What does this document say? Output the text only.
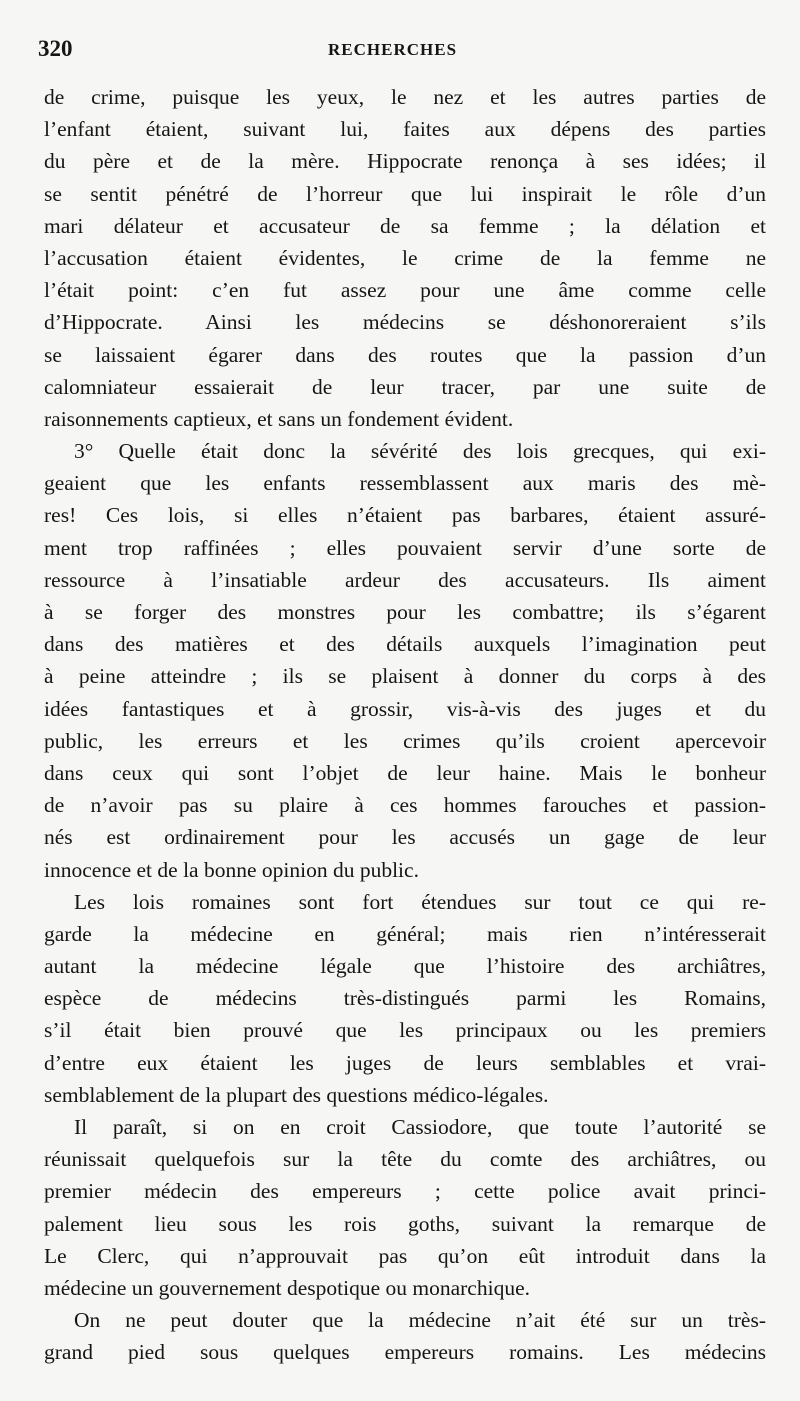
320	RECHERCHES
de crime, puisque les yeux, le nez et les autres parties de
l’enfant étaient, suivant lui, faites aux dépens des parties
du père et de la mère. Hippocrate renonça à ses idées; il
se sentit pénétré de l’horreur que lui inspirait le rôle d’un
mari délateur et accusateur de sa femme ; la délation et
l’accusation étaient évidentes, le crime de la femme ne
l’était point: c’en fut assez pour une âme comme celle
d’Hippocrate. Ainsi les médecins se déshonoreraient s’ils
se laissaient égarer dans des routes que la passion d’un
calomniateur essaierait de leur tracer, par une suite de
raisonnements captieux, et sans un fondement évident.
3° Quelle était donc la sévérité des lois grecques, qui exi-
geaient que les enfants ressemblassent aux maris des mè-
res! Ces lois, si elles n’étaient pas barbares, étaient assuré-
ment trop raffinées ; elles pouvaient servir d’une sorte de
ressource à l’insatiable ardeur des accusateurs. Ils aiment
à se forger des monstres pour les combattre; ils s’égarent
dans des matières et des détails auxquels l’imagination peut
à peine atteindre ; ils se plaisent à donner du corps à des
idées fantastiques et à grossir, vis-à-vis des juges et du
public, les erreurs et les crimes qu’ils croient apercevoir
dans ceux qui sont l’objet de leur haine. Mais le bonheur
de n’avoir pas su plaire à ces hommes farouches et passion-
nés est ordinairement pour les accusés un gage de leur
innocence et de la bonne opinion du public.
Les lois romaines sont fort étendues sur tout ce qui re-
garde la médecine en général; mais rien n’intéresserait
autant la médecine légale que l’histoire des archiâtres,
espèce de médecins très-distingués parmi les Romains,
s’il était bien prouvé que les principaux ou les premiers
d’entre eux étaient les juges de leurs semblables et vrai-
semblablement de la plupart des questions médico-légales.
Il paraît, si on en croit Cassiodore, que toute l’autorité se
réunissait quelquefois sur la tête du comte des archiâtres, ou
premier médecin des empereurs ; cette police avait princi-
palement lieu sous les rois goths, suivant la remarque de
Le Clerc, qui n’approuvait pas qu’on eût introduit dans la
médecine un gouvernement despotique ou monarchique.
On ne peut douter que la médecine n’ait été sur un très-
grand pied sous quelques empereurs romains. Les médecins
